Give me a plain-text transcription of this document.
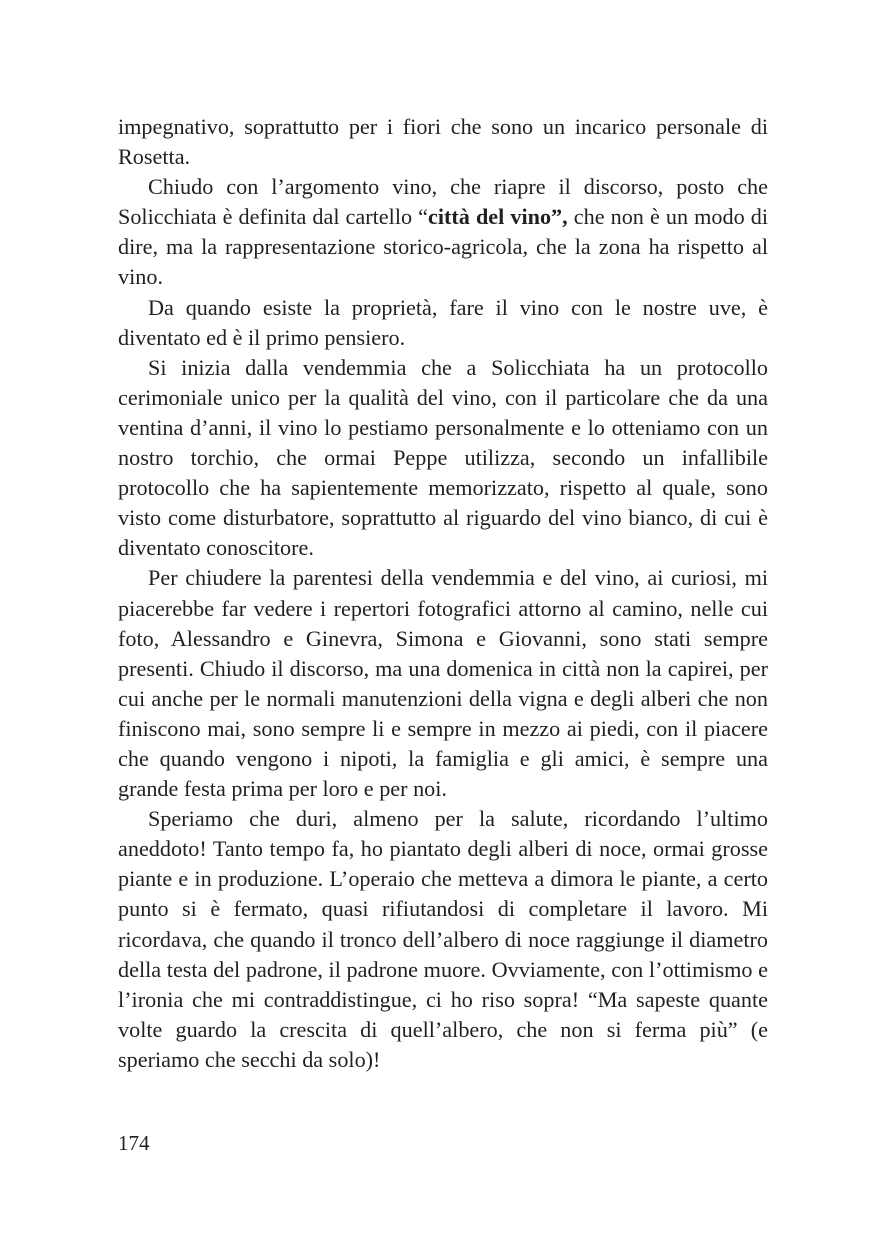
impegnativo, soprattutto per i fiori che sono un incarico personale di Rosetta.

Chiudo con l’argomento vino, che riapre il discorso, posto che Solicchiata è definita dal cartello “città del vino”, che non è un modo di dire, ma la rappresentazione storico-agricola, che la zona ha rispetto al vino.

Da quando esiste la proprietà, fare il vino con le nostre uve, è diventato ed è il primo pensiero.

Si inizia dalla vendemmia che a Solicchiata ha un protocollo cerimoniale unico per la qualità del vino, con il particolare che da una ventina d’anni, il vino lo pestiamo personalmente e lo otteniamo con un nostro torchio, che ormai Peppe utilizza, secondo un infallibile protocollo che ha sapientemente memorizzato, rispetto al quale, sono visto come disturbatore, soprattutto al riguardo del vino bianco, di cui è diventato conoscitore.

Per chiudere la parentesi della vendemmia e del vino, ai curiosi, mi piacerebbe far vedere i repertori fotografici attorno al camino, nelle cui foto, Alessandro e Ginevra, Simona e Giovanni, sono stati sempre presenti. Chiudo il discorso, ma una domenica in città non la capirei, per cui anche per le normali manutenzioni della vigna e degli alberi che non finiscono mai, sono sempre li e sempre in mezzo ai piedi, con il piacere che quando vengono i nipoti, la famiglia e gli amici, è sempre una grande festa prima per loro e per noi.

Speriamo che duri, almeno per la salute, ricordando l’ultimo aneddoto! Tanto tempo fa, ho piantato degli alberi di noce, ormai grosse piante e in produzione. L’operaio che metteva a dimora le piante, a certo punto si è fermato, quasi rifiutandosi di completare il lavoro. Mi ricordava, che quando il tronco dell’albero di noce raggiunge il diametro della testa del padrone, il padrone muore. Ovviamente, con l’ottimismo e l’ironia che mi contraddistingue, ci ho riso sopra! “Ma sapeste quante volte guardo la crescita di quell’albero, che non si ferma più” (e speriamo che secchi da solo)!

174
